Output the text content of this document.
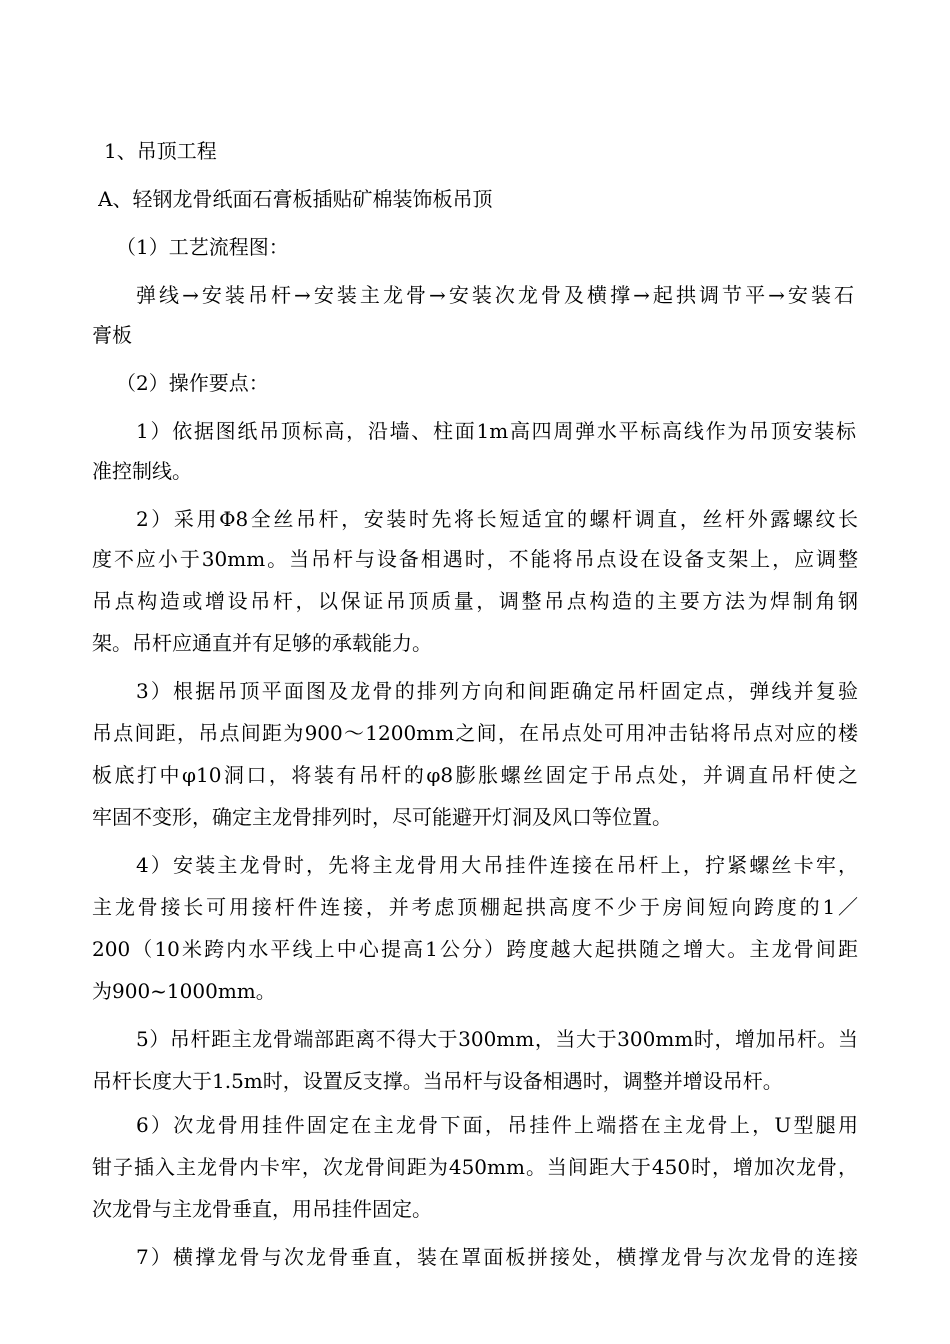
1、吊顶工程
A、轻钢龙骨纸面石膏板插贴矿棉装饰板吊顶
（1）工艺流程图：
弹线→安装吊杆→安装主龙骨→安装次龙骨及横撑→起拱调节平→安装石
膏板
（2）操作要点：
1）依据图纸吊顶标高，沿墙、柱面1m高四周弹水平标高线作为吊顶安装标
准控制线。
2）采用Φ8全丝吊杆，安装时先将长短适宜的螺杆调直，丝杆外露螺纹长
度不应小于30mm。当吊杆与设备相遇时，不能将吊点设在设备支架上，应调整
吊点构造或增设吊杆，以保证吊顶质量，调整吊点构造的主要方法为焊制角钢
架。吊杆应通直并有足够的承载能力。
3）根据吊顶平面图及龙骨的排列方向和间距确定吊杆固定点，弹线并复验
吊点间距，吊点间距为900～1200mm之间，在吊点处可用冲击钻将吊点对应的楼
板底打中φ10洞口，将装有吊杆的φ8膨胀螺丝固定于吊点处，并调直吊杆使之
牢固不变形，确定主龙骨排列时，尽可能避开灯洞及风口等位置。
4）安装主龙骨时，先将主龙骨用大吊挂件连接在吊杆上，拧紧螺丝卡牢，
主龙骨接长可用接杆件连接，并考虑顶棚起拱高度不少于房间短向跨度的1／
200（10米跨内水平线上中心提高1公分）跨度越大起拱随之增大。主龙骨间距
为900~1000mm。
5）吊杆距主龙骨端部距离不得大于300mm，当大于300mm时，增加吊杆。当
吊杆长度大于1.5m时，设置反支撑。当吊杆与设备相遇时，调整并增设吊杆。
6）次龙骨用挂件固定在主龙骨下面，吊挂件上端搭在主龙骨上，U型腿用
钳子插入主龙骨内卡牢，次龙骨间距为450mm。当间距大于450时，增加次龙骨，
次龙骨与主龙骨垂直，用吊挂件固定。
7）横撑龙骨与次龙骨垂直，装在罩面板拼接处，横撑龙骨与次龙骨的连接
